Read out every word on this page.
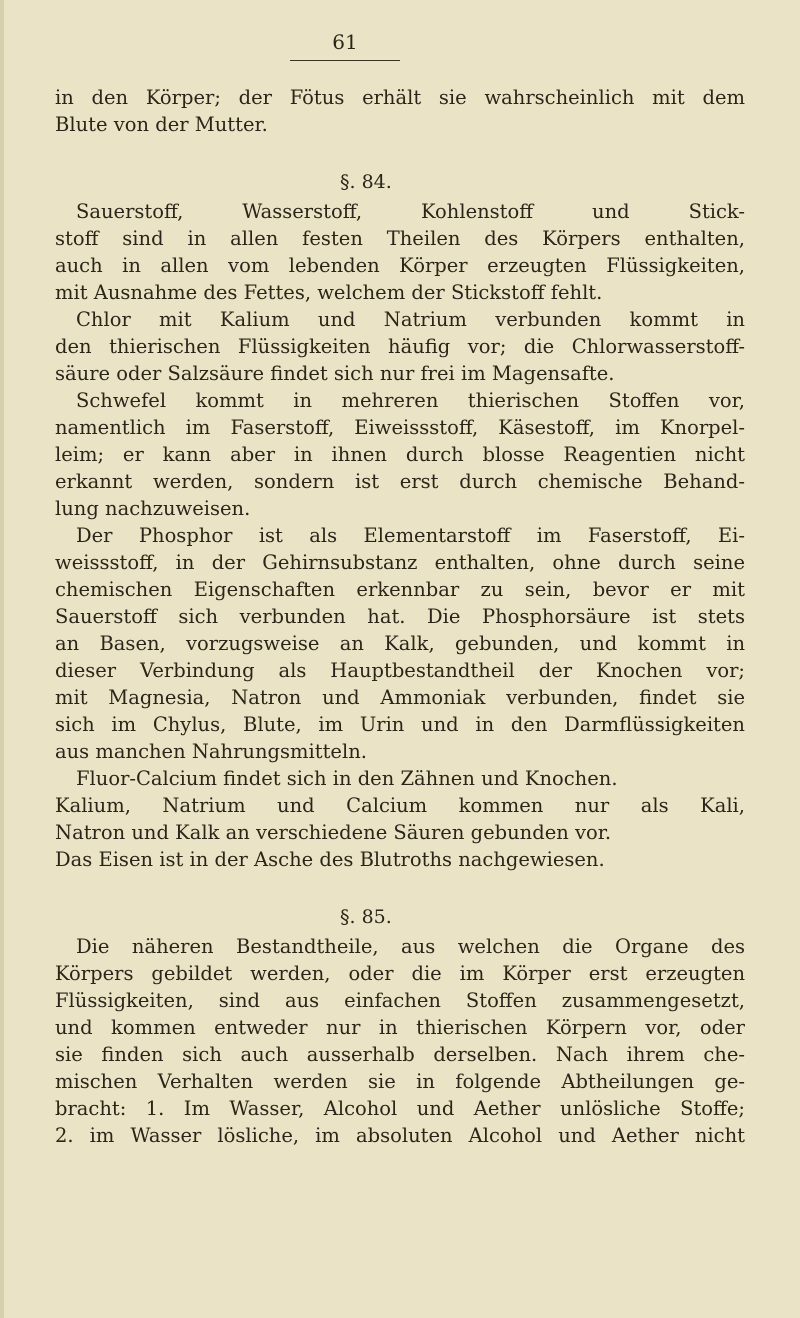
61
§. 84.
§. 85.
in den Körper; der Fötus erhält sie wahrscheinlich mit dem
Blute von der Mutter.
Sauerstoff, Wasserstoff, Kohlenstoff und Stick-
stoff sind in allen festen Theilen des Körpers enthalten,
auch in allen vom lebenden Körper erzeugten Flüssigkeiten,
mit Ausnahme des Fettes, welchem der Stickstoff fehlt.
Chlor mit Kalium und Natrium verbunden kommt in
den thierischen Flüssigkeiten häufig vor; die Chlorwasserstoff-
säure oder Salzsäure findet sich nur frei im Magensafte.
Schwefel kommt in mehreren thierischen Stoffen vor,
namentlich im Faserstoff, Eiweissstoff, Käsestoff, im Knorpel-
leim; er kann aber in ihnen durch blosse Reagentien nicht
erkannt werden, sondern ist erst durch chemische Behand-
lung nachzuweisen.
Der Phosphor ist als Elementarstoff im Faserstoff, Ei-
weissstoff, in der Gehirnsubstanz enthalten, ohne durch seine
chemischen Eigenschaften erkennbar zu sein, bevor er mit
Sauerstoff sich verbunden hat. Die Phosphorsäure ist stets
an Basen, vorzugsweise an Kalk, gebunden, und kommt in
dieser Verbindung als Hauptbestandtheil der Knochen vor;
mit Magnesia, Natron und Ammoniak verbunden, findet sie
sich im Chylus, Blute, im Urin und in den Darmflüssigkeiten
aus manchen Nahrungsmitteln.
Fluor-Calcium findet sich in den Zähnen und Knochen.
Kalium, Natrium und Calcium kommen nur als Kali,
Natron und Kalk an verschiedene Säuren gebunden vor.
Das Eisen ist in der Asche des Blutroths nachgewiesen.
Die näheren Bestandtheile, aus welchen die Organe des
Körpers gebildet werden, oder die im Körper erst erzeugten
Flüssigkeiten, sind aus einfachen Stoffen zusammengesetzt,
und kommen entweder nur in thierischen Körpern vor, oder
sie finden sich auch ausserhalb derselben. Nach ihrem che-
mischen Verhalten werden sie in folgende Abtheilungen ge-
bracht: 1. Im Wasser, Alcohol und Aether unlösliche Stoffe;
2. im Wasser lösliche, im absoluten Alcohol und Aether nicht
